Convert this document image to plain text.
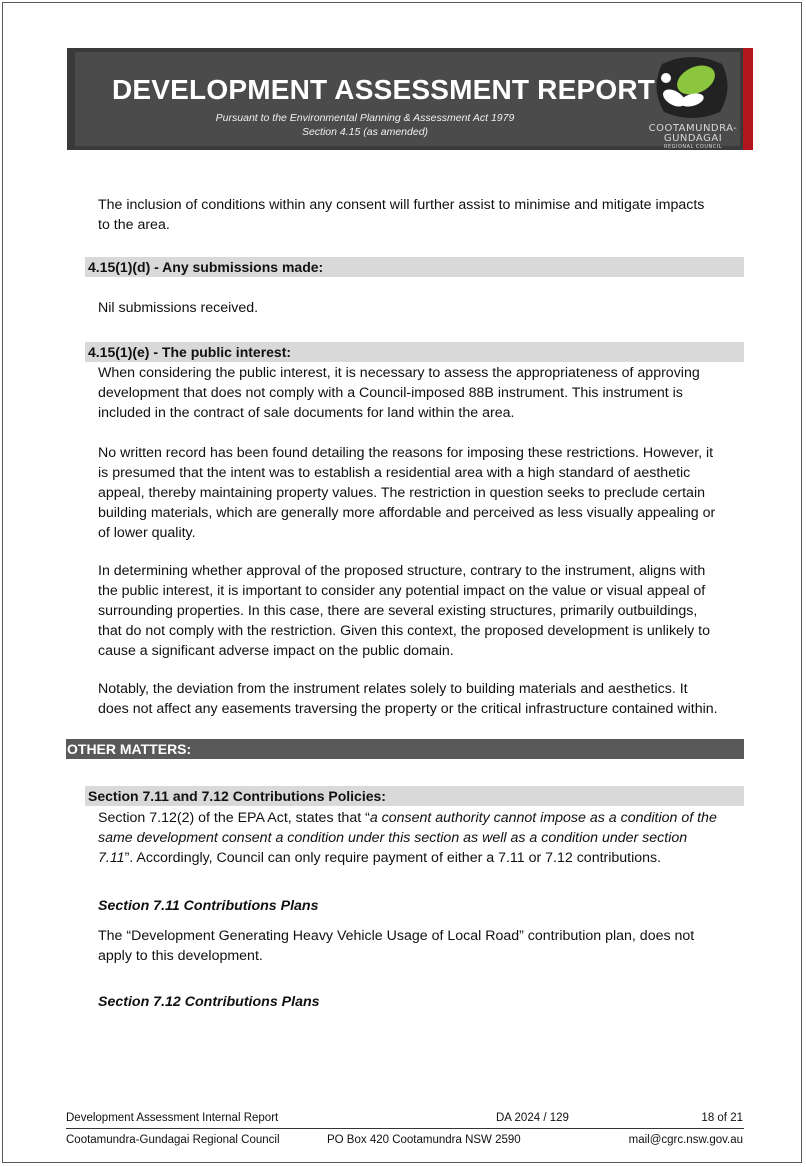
DEVELOPMENT ASSESSMENT REPORT
Pursuant to the Environmental Planning & Assessment Act 1979
Section 4.15 (as amended)	COOTAMUNDRA-
GUNDAGAI
REGIONAL COUNCIL
The inclusion of conditions within any consent will further assist to minimise and mitigate impacts to the area.
4.15(1)(d) - Any submissions made:
Nil submissions received.
4.15(1)(e) - The public interest:
When considering the public interest, it is necessary to assess the appropriateness of approving development that does not comply with a Council-imposed 88B instrument. This instrument is included in the contract of sale documents for land within the area.
No written record has been found detailing the reasons for imposing these restrictions. However, it is presumed that the intent was to establish a residential area with a high standard of aesthetic appeal, thereby maintaining property values. The restriction in question seeks to preclude certain building materials, which are generally more affordable and perceived as less visually appealing or of lower quality.
In determining whether approval of the proposed structure, contrary to the instrument, aligns with the public interest, it is important to consider any potential impact on the value or visual appeal of surrounding properties. In this case, there are several existing structures, primarily outbuildings, that do not comply with the restriction. Given this context, the proposed development is unlikely to cause a significant adverse impact on the public domain.
Notably, the deviation from the instrument relates solely to building materials and aesthetics. It does not affect any easements traversing the property or the critical infrastructure contained within.
OTHER MATTERS:
Section 7.11 and 7.12 Contributions Policies:
Section 7.12(2) of the EPA Act, states that “a consent authority cannot impose as a condition of the same development consent a condition under this section as well as a condition under section 7.11”. Accordingly, Council can only require payment of either a 7.11 or 7.12 contributions.
Section 7.11 Contributions Plans
The “Development Generating Heavy Vehicle Usage of Local Road” contribution plan, does not apply to this development.
Section 7.12 Contributions Plans
Development Assessment Internal Report	DA 2024 / 129	18 of 21
Cootamundra-Gundagai Regional Council	PO Box 420 Cootamundra NSW 2590	mail@cgrc.nsw.gov.au
